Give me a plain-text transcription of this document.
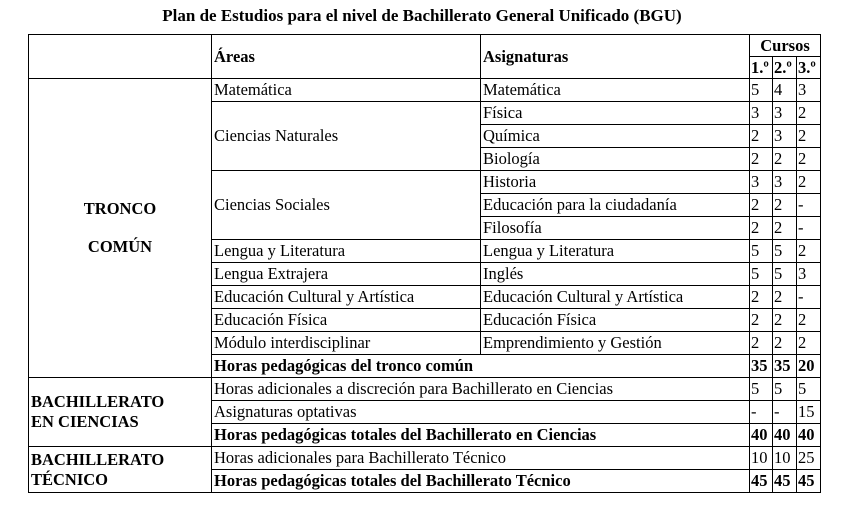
Plan de Estudios para el nivel de Bachillerato General Unificado (BGU)
	Áreas	Asignaturas	Cursos		
			1.º	2.º	3.º

TRONCO
COMÚN	Matemática	Matemática	5	4	3
	Ciencias Naturales	Física	3	3	2
		Química	2	3	2
		Biología	2	2	2
	Ciencias Sociales	Historia	3	3	2
		Educación para la ciudadanía	2	2	-
		Filosofía	2	2	-
	Lengua y Literatura	Lengua y Literatura	5	5	2
	Lengua Extrajera	Inglés	5	5	3
	Educación Cultural y Artística	Educación Cultural y Artística	2	2	-
	Educación Física	Educación Física	2	2	2
	Módulo interdisciplinar	Emprendimiento y Gestión	2	2	2
	Horas pedagógicas del tronco común		35	35	20

BACHILLERATO
EN CIENCIAS	Horas adicionales a discreción para Bachillerato en Ciencias		5	5	5
	Asignaturas optativas		-	-	15
	Horas pedagógicas totales del Bachillerato en Ciencias		40	40	40

BACHILLERATO
TÉCNICO	Horas adicionales para Bachillerato Técnico		10	10	25
	Horas pedagógicas totales del Bachillerato Técnico		45	45	45
